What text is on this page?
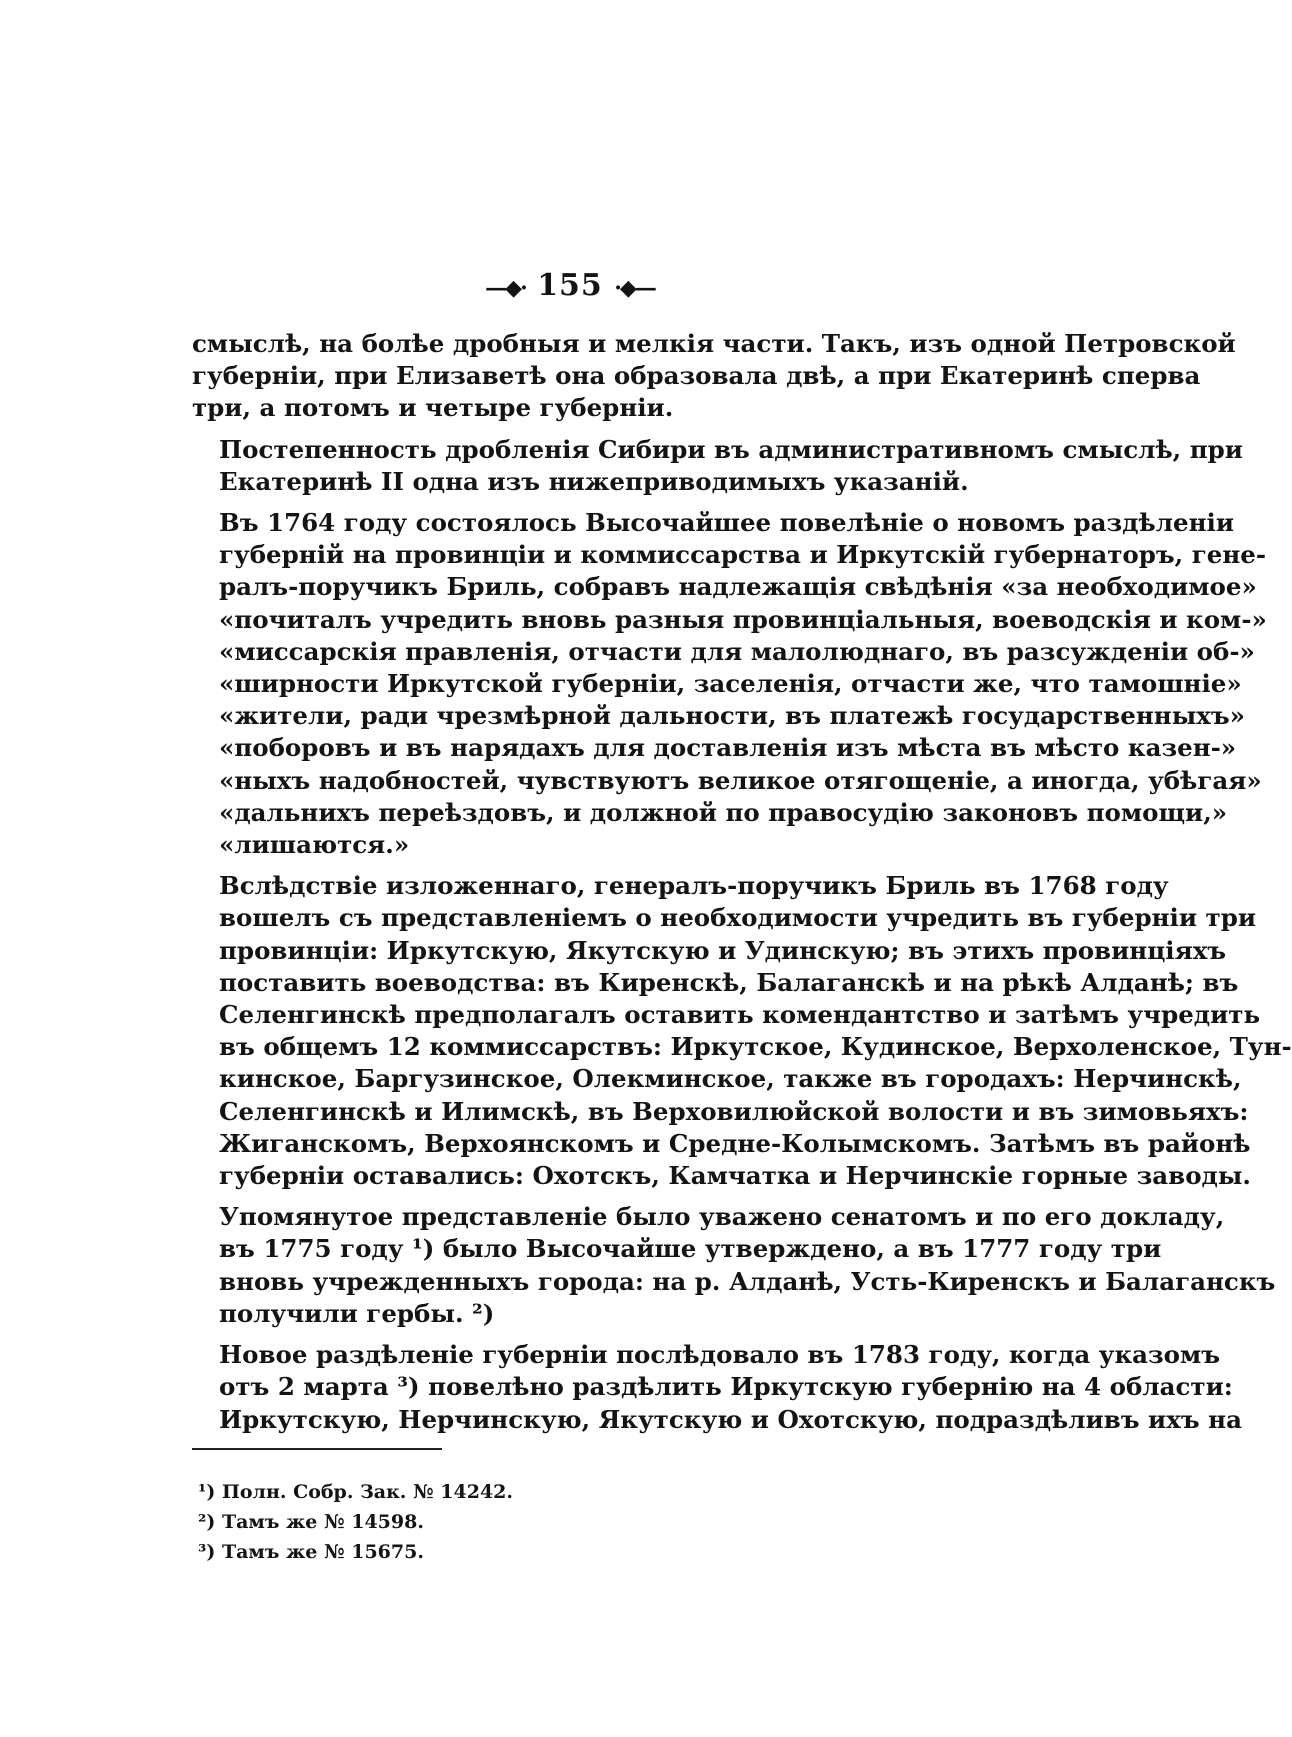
—◆· 155 ·◆—

смыслѣ, на болѣе дробныя и мелкія части. Такъ, изъ одной Петровской
губерніи, при Елизаветѣ она образовала двѣ, а при Екатеринѣ сперва
три, а потомъ и четыре губерніи.

Постепенность дробленія Сибири въ административномъ смыслѣ, при
Екатеринѣ II одна изъ нижеприводимыхъ указаній.

Въ 1764 году состоялось Высочайшее повелѣніе о новомъ раздѣленіи
губерній на провинціи и коммиссарства и Иркутскій губернаторъ, гене-
ралъ-поручикъ Бриль, собравъ надлежащія свѣдѣнія «за необходимое»
«почиталъ учредить вновь разныя провинціальныя, воеводскія и ком-»
«миссарскія правленія, отчасти для малолюднаго, въ разсужденіи об-»
«ширности Иркутской губерніи, заселенія, отчасти же, что тамошніе»
«жители, ради чрезмѣрной дальности, въ платежѣ государственныхъ»
«поборовъ и въ нарядахъ для доставленія изъ мѣста въ мѣсто казен-»
«ныхъ надобностей, чувствуютъ великое отягощеніе, а иногда, убѣгая»
«дальнихъ переѣздовъ, и должной по правосудію законовъ помощи,»
«лишаются.»

Вслѣдствіе изложеннаго, генералъ-поручикъ Бриль въ 1768 году
вошелъ съ представленіемъ о необходимости учредить въ губерніи три
провинціи: Иркутскую, Якутскую и Удинскую; въ этихъ провинціяхъ
поставить воеводства: въ Киренскѣ, Балаганскѣ и на рѣкѣ Алданѣ; въ
Селенгинскѣ предполагалъ оставить комендантство и затѣмъ учредить
въ общемъ 12 коммиссарствъ: Иркутское, Кудинское, Верхоленское, Тун-
кинское, Баргузинское, Олекминское, также въ городахъ: Нерчинскѣ,
Селенгинскѣ и Илимскѣ, въ Верховилюйской волости и въ зимовьяхъ:
Жиганскомъ, Верхоянскомъ и Средне-Колымскомъ. Затѣмъ въ районѣ
губерніи оставались: Охотскъ, Камчатка и Нерчинскіе горные заводы.

Упомянутое представленіе было уважено сенатомъ и по его докладу,
въ 1775 году ¹) было Высочайше утверждено, а въ 1777 году три
вновь учрежденныхъ города: на р. Алданѣ, Усть-Киренскъ и Балаганскъ
получили гербы. ²)

Новое раздѣленіе губерніи послѣдовало въ 1783 году, когда указомъ
отъ 2 марта ³) повелѣно раздѣлить Иркутскую губернію на 4 области:
Иркутскую, Нерчинскую, Якутскую и Охотскую, подраздѣливъ ихъ на

¹) Полн. Собр. Зак. № 14242.
²) Тамъ же № 14598.
³) Тамъ же № 15675.
